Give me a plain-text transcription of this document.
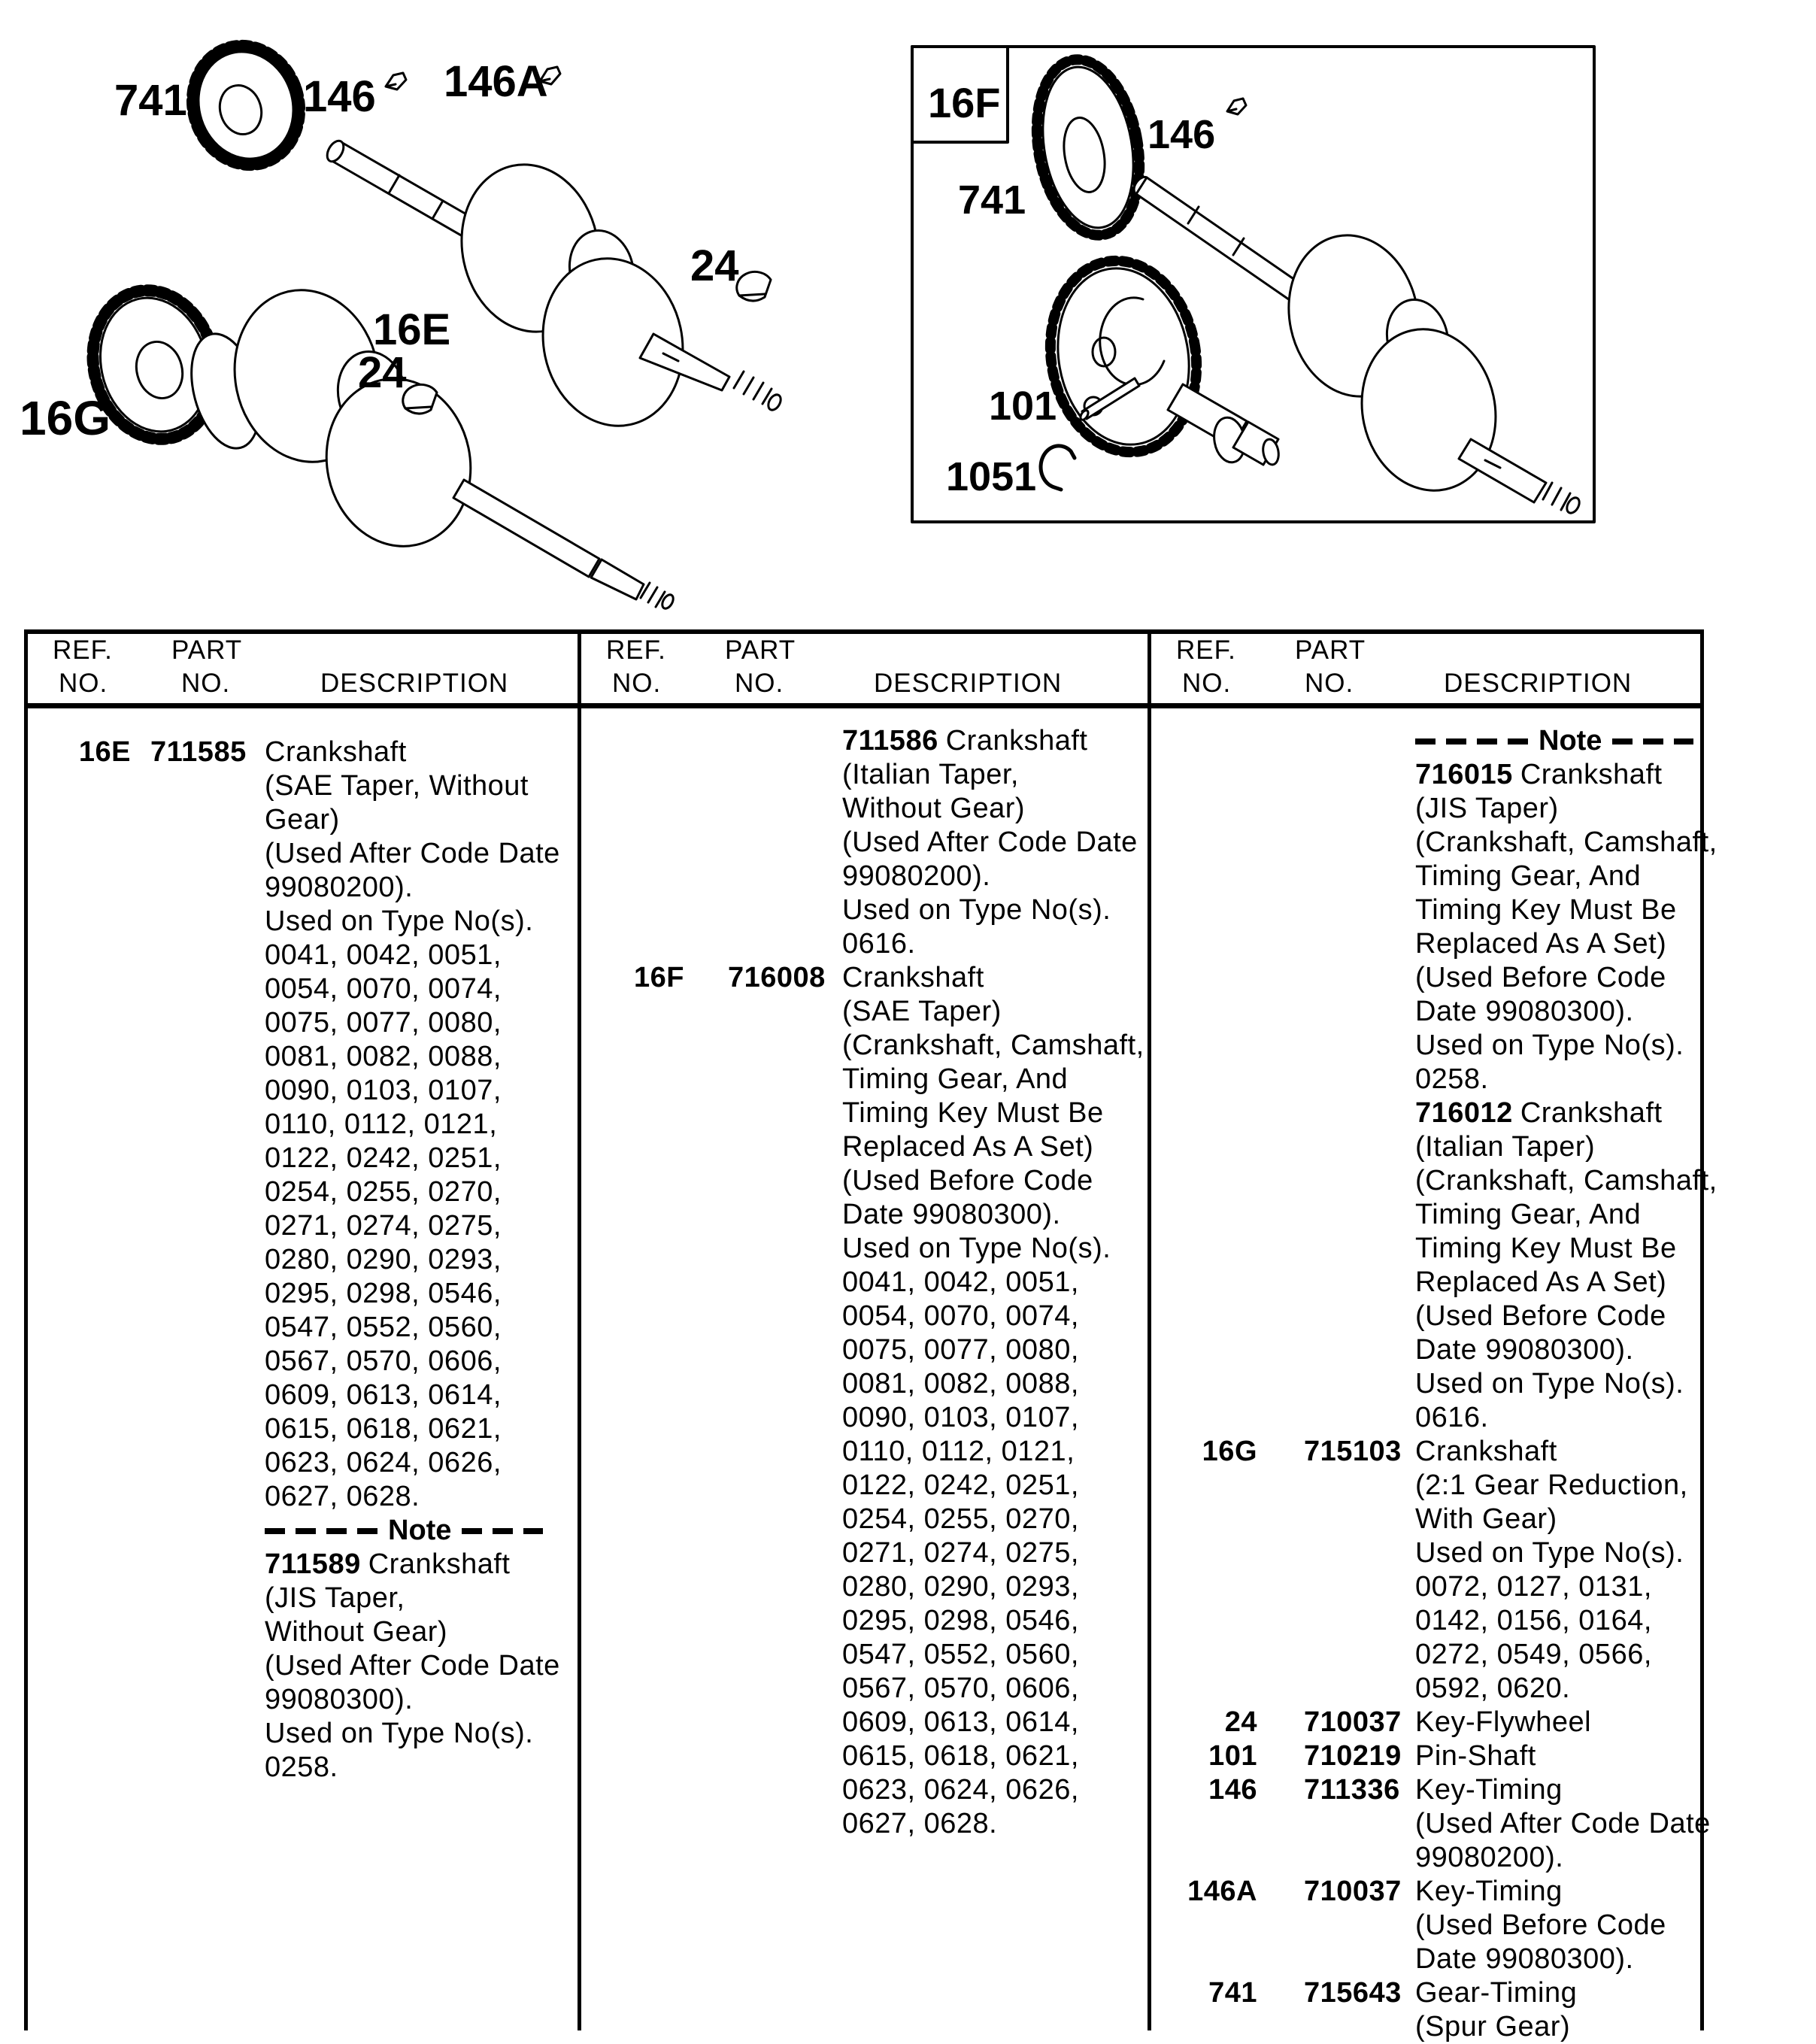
741	146 146A
24
16E
16G
24
16F
741
146
101
1051
REF.
NO.
PART
NO.	DESCRIPTION
16E 711585 Crankshaft
(SAE Taper, Without
Gear)
(Used After Code Date
99080200).
Used on Type No(s).
0041, 0042, 0051,
0054, 0070, 0074,
0075, 0077, 0080,
0081, 0082, 0088,
0090, 0103, 0107,
0110, 0112, 0121,
0122, 0242, 0251,
0254, 0255, 0270,
0271, 0274, 0275,
0280, 0290, 0293,
0295, 0298, 0546,
0547, 0552, 0560,
0567, 0570, 0606,
0609, 0613, 0614,
0615, 0618, 0621,
0623, 0624, 0626,
0627, 0628.
Note
711589 Crankshaft
(JIS Taper,
Without Gear)
(Used After Code Date
99080300).
Used on Type No(s).
0258.
REF.
NO.
PART
NO.	DESCRIPTION
711586 Crankshaft
(Italian Taper,
Without Gear)
(Used After Code Date
99080200).
Used on Type No(s).
0616.
16F 716008 Crankshaft
(SAE Taper)
(Crankshaft, Camshaft,
Timing Gear, And
Timing Key Must Be
Replaced As A Set)
(Used Before Code
Date 99080300).
Used on Type No(s).
0041, 0042, 0051,
0054, 0070, 0074,
0075, 0077, 0080,
0081, 0082, 0088,
0090, 0103, 0107,
0110, 0112, 0121,
0122, 0242, 0251,
0254, 0255, 0270,
0271, 0274, 0275,
0280, 0290, 0293,
0295, 0298, 0546,
0547, 0552, 0560,
0567, 0570, 0606,
0609, 0613, 0614,
0615, 0618, 0621,
0623, 0624, 0626,
0627, 0628.
REF.
NO.
PART
NO.	DESCRIPTION
Note
716015 Crankshaft
(JIS Taper)
(Crankshaft, Camshaft,
Timing Gear, And
Timing Key Must Be
Replaced As A Set)
(Used Before Code
Date 99080300).
Used on Type No(s).
0258.
716012 Crankshaft
(Italian Taper)
(Crankshaft, Camshaft,
Timing Gear, And
Timing Key Must Be
Replaced As A Set)
(Used Before Code
Date 99080300).
Used on Type No(s).
0616.
16G 715103 Crankshaft
(2:1 Gear Reduction,
With Gear)
Used on Type No(s).
0072, 0127, 0131,
0142, 0156, 0164,
0272, 0549, 0566,
0592, 0620.
24 710037 Key-Flywheel
101 710219 Pin-Shaft
146 711336 Key-Timing
(Used After Code Date
99080200).
146A 710037 Key-Timing
(Used Before Code
Date 99080300).
741 715643 Gear-Timing
(Spur Gear)
